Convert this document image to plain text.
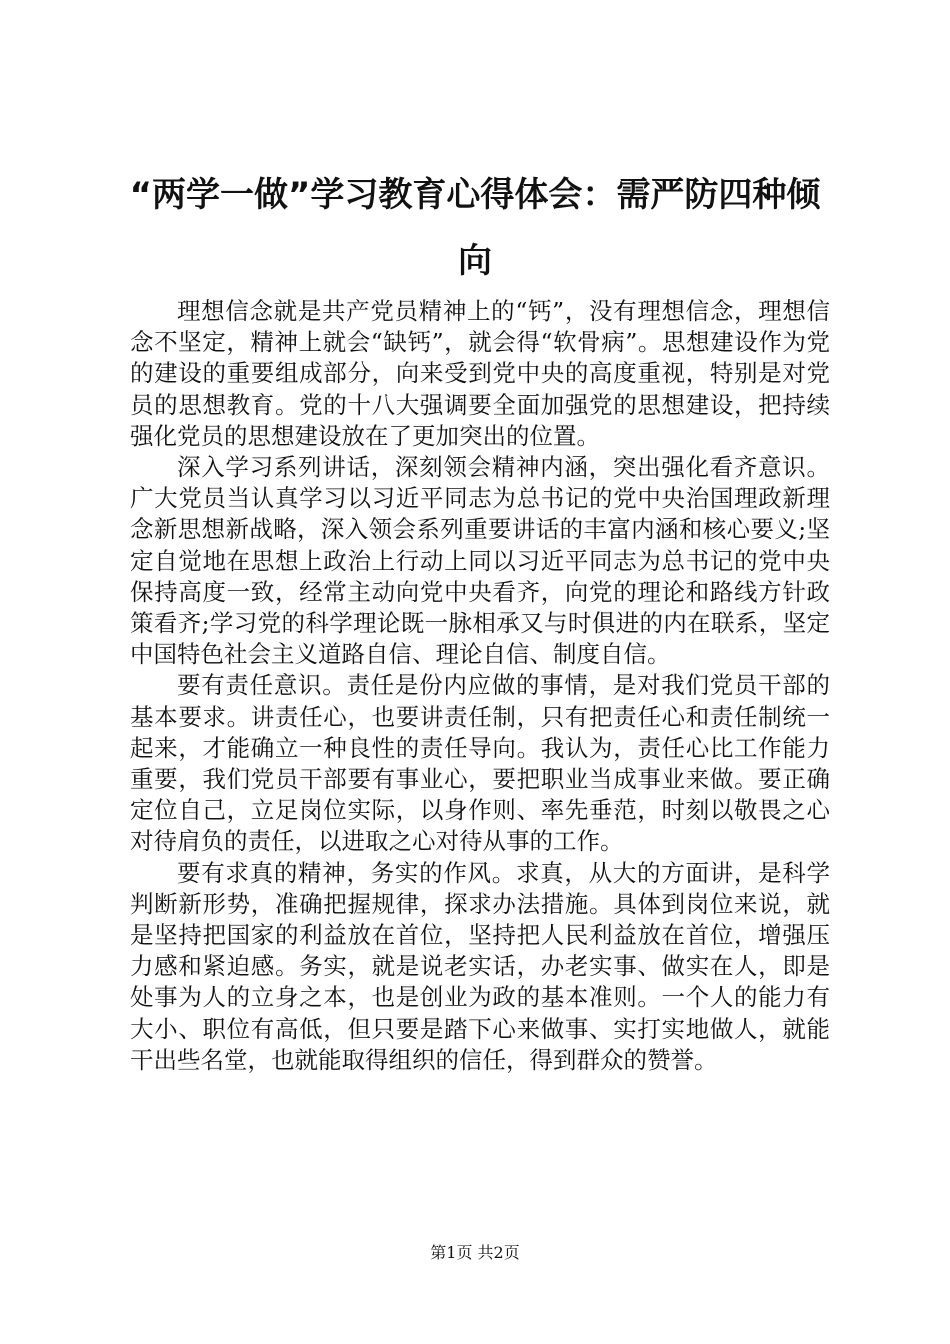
“两学一做”学习教育心得体会：需严防四种倾向

理想信念就是共产党员精神上的“钙”，没有理想信念，理想信念不坚定，精神上就会“缺钙”，就会得“软骨病”。思想建设作为党的建设的重要组成部分，向来受到党中央的高度重视，特别是对党员的思想教育。党的十八大强调要全面加强党的思想建设，把持续强化党员的思想建设放在了更加突出的位置。

深入学习系列讲话，深刻领会精神内涵，突出强化看齐意识。广大党员当认真学习以习近平同志为总书记的党中央治国理政新理念新思想新战略，深入领会系列重要讲话的丰富内涵和核心要义;坚定自觉地在思想上政治上行动上同以习近平同志为总书记的党中央保持高度一致，经常主动向党中央看齐，向党的理论和路线方针政策看齐;学习党的科学理论既一脉相承又与时俱进的内在联系，坚定中国特色社会主义道路自信、理论自信、制度自信。

要有责任意识。责任是份内应做的事情，是对我们党员干部的基本要求。讲责任心，也要讲责任制，只有把责任心和责任制统一起来，才能确立一种良性的责任导向。我认为，责任心比工作能力重要，我们党员干部要有事业心，要把职业当成事业来做。要正确定位自己，立足岗位实际，以身作则、率先垂范，时刻以敬畏之心对待肩负的责任，以进取之心对待从事的工作。

要有求真的精神，务实的作风。求真，从大的方面讲，是科学判断新形势，准确把握规律，探求办法措施。具体到岗位来说，就是坚持把国家的利益放在首位，坚持把人民利益放在首位，增强压力感和紧迫感。务实，就是说老实话，办老实事、做实在人，即是处事为人的立身之本，也是创业为政的基本准则。一个人的能力有大小、职位有高低，但只要是踏下心来做事、实打实地做人，就能干出些名堂，也就能取得组织的信任，得到群众的赞誉。

第1页 共2页
